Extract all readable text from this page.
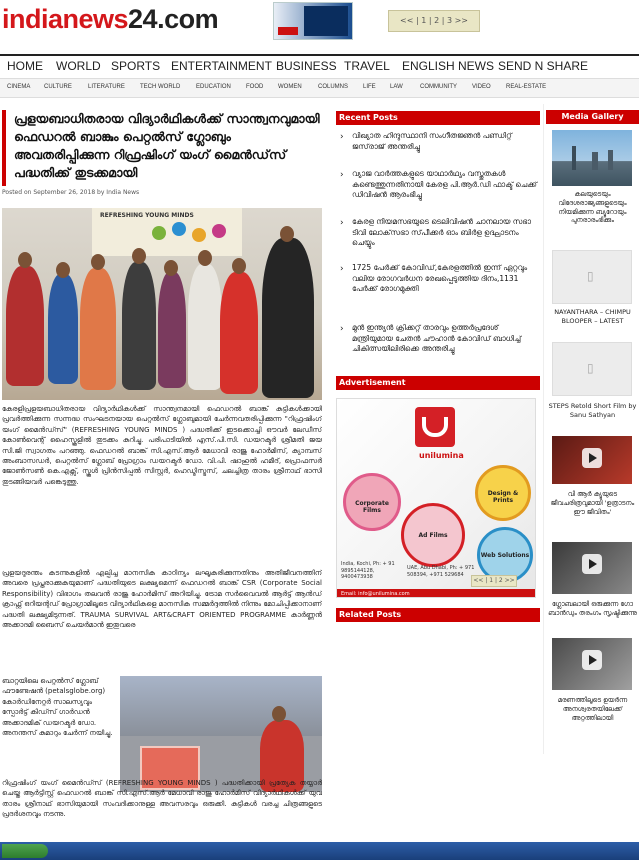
indianews24.com	<< | 1 | 2 | 3 >>
HOME WORLD SPORTS ENTERTAINMENT BUSINESS TRAVEL ENGLISH NEWS SEND N SHARE
CINEMA CULTURE	LITERATURE	TECH WORLD	EDUCATION	FOOD WOMEN	COLUMNS LIFE LAW	COMMUNITY	VIDEO	REAL-ESTATE
പ്രളയബാധിതരായ വിദ്യാർഥികൾക്ക് സാന്ത്വനവുമായി ഫെഡറൽ ബാങ്കും പെറ്റൽസ് ഗ്ലോബും അവതരിപ്പിക്കുന്ന റിഫ്രഷിംഗ് യംഗ് മൈൻഡ്‌സ് പദ്ധതിക്ക് തുടക്കമായി
Posted on September 26, 2018 by India News
REFRESHING YOUNG MINDS
കേരളിപ്രളയബാധിതരായ വിദ്യാർഥികൾക്ക് സാന്ത്വനമായി ഫെഡറൽ ബാങ്ക് കുട്ടികൾക്കായി പ്രവർത്തിക്കുന്ന സന്നദ്ധ സംഘടനയായ പെറ്റൽസ് ഗ്ലോബുമായി ചേർന്നവതരിപ്പിക്കുന്ന "റിഫ്രഷിംഗ് യംഗ് മൈൻഡ്സ്" (REFRESHING YOUNG MINDS ) പദ്ധതിക്ക് ഇടക്കൊച്ചി ഔവർ ലേഡീസ് കോൺവെന്റ് ഹൈസ്കൂളിൽ തുടക്കം കുറിച്ചു. പരിപാടിയിൽ എസ്.പി.സി. ഡയറക്ടർ ശ്രീമതി ജയ സി.ജി സ്വാഗതം പറഞ്ഞു. ഫെഡറൽ ബാങ്ക് സി.എസ്.ആർ മേധാവി രാജു ഹോർമിസ്, ക്യാമ്പസ് അംബാസഡർ, പെറ്റൽസ് ഗ്ലോബ് പ്രോഗ്രാം ഡയറക്ടർ ഡോ. വി.പി. ഷാഹുൽ ഹമീദ്, പ്രൊഫസർ ജോൺസൺ കെ.എക്സ്, സ്കൂൾ പ്രിൻസിപ്പൽ സിസ്റ്റർ, ഹെഡ്മിസ്ട്രസ്, ചലച്ചിത്ര താരം ശ്രീനാഥ് ഭാസി തുടങ്ങിയവർ പങ്കെടുത്തു.
പ്രളയദുരന്തം കടന്നുകളിൽ എല്പിച്ച മാനസിക കാഠിന്യം ലഘൂകരിക്കുന്നതിനും അതിജീവനത്തിന് അവരെ പ്രപ്തരാക്കുകയുമാണ് പദ്ധതിയുടെ ലക്ഷ്യമെന്ന് ഫെഡറൽ ബാങ്ക് CSR (Corporate Social Responsibility) വിഭാഗം തലവൻ രാജു ഹോർമിസ് അറിയിച്ചു. ട്രോമ സർവൈവൽ ആർട്ട് ആൻഡ് ക്രാഫ്റ്റ് ഒറിയന്റഡ് പ്രോഗ്രാമിലൂടെ വിദ്യാർഥികളെ മാനസിക സമ്മർദ്ദത്തിൽ നിന്നും മോചിപ്പിക്കാനാണ് പദ്ധതി ലക്ഷ്യമിടുന്നത്. TRAUMA SURVIVAL ART&CRAFT ORIENTED PROGRAMME കാർണ്ണൻ അക്കാദമി ബൈസ് ചെയർമാൻ ഇതുവരെ
ബാറ്റയിലെ പെറ്റൽസ് ഗ്ലോബ് ഫൗണ്ടേഷൻ (petalsglobe.org) കോർഡിനേറ്റർ സാലസ്യവും സ്പോർട്ട് കിഡ്സ് ഗാർഡൻ അക്കാദമിക് ഡയറക്ടർ ഡോ. അനന്തസ് കുമാറും ചേർന്ന് നയിച്ചു.
റിഫ്രഷിംഗ് യംഗ് മൈൻഡ്സ് (REFRESHING YOUNG MINDS ) പദ്ധതിക്കായി പ്രത്യേക തയ്യാർ ചെയ്ത ആർട്ടിസ്റ്റ് ഫെഡറൽ ബാങ്ക് സി.എസ്.ആർ മേധാവി രാജു ഹോർമിസ് വിദ്യാർഥികൾക്ക് യുവ താരം ശ്രീനാഥ് ഭാസിയുമായി സംവദിക്കാനുള്ള അവസരവും ഒരുക്കി. കുട്ടികൾ വരച്ച ചിത്രങ്ങളുടെ പ്രദർശനവും നടന്നു.
Recent Posts
› വിഖ്യാത ഹിന്ദുസ്ഥാനി സംഗീതജ്ഞൻ പണ്ഡിറ്റ് ജസ്‌രാജ് അന്തരിച്ചു
› വ്യാജ വാർത്തകളുടെ യാഥാർഥ്യം വസ്തുതകൾ കണ്ടെത്തുന്നതിനായി കേരള പി.ആർ.ഡി ഫാക്ട് ചെക്ക് ഡിവിഷൻ ആരംഭിച്ചു
› കേരള നിയമസഭയുടെ ടെലിവിഷൻ ചാനലായ സഭാ ടിവി ലോക്‌സഭാ സ്‌പീക്കർ ഓം ബിർള ഉദ്ഘാടനം ചെയ്യും
› 1725 പേർക്ക് കോവിഡ്,കേരളത്തിൽ ഇന്ന് ഏറ്റവും വലിയ രോഗവർധന രേഖപ്പെടുത്തിയ ദിനം,1131 പേർക്ക് രോഗമുക്തി
› മുൻ ഇന്ത്യൻ ക്രിക്കറ്റ് താരവും ഉത്തർപ്രദേശ് മന്ത്രിയുമായ ചേതൻ ചൗഹാൻ കോവിഡ് ബാധിച്ച് ചികിത്സയിലിരിക്കെ അന്തരിച്ചു
Advertisement
unilumina
Corporate Films
Design & Prints
Ad Films
Web Solutions
India, Kochi, Ph: + 91 9895144128, 9400473938
UAE, Abu Dhabi, Ph: + 971 508394, +971 529684
<< | 1 | 2 >>
Email: info@unilumina.com
Related Posts
Media Gallery
കലയുടെയും വിദേശരാജ്യങ്ങളുടെയും നിയമിക്കുന്ന ബ്യൂറോയും പുനരാരംഭിക്കും
▯
NAYANTHARA – CHIMPU BLOOPER – LATEST
▯
STEPS Retold Short Film by Sanu Sathyan
വി ആർ ക്യൂയുടെ ജീവചരിത്രവുമായി 'ഉത്രാടനം ഈ ജീവിതം'
ഗ്ലോബലായി ഒരുക്കുന്ന ഗോ ബാൻഡും തരംഗം സൃഷ്ടിക്കുന്നു
മരണത്തിലൂടെ ഉയർന്ന അനശ്വരതയിലേക്ക് അറ്റത്തിലായി
